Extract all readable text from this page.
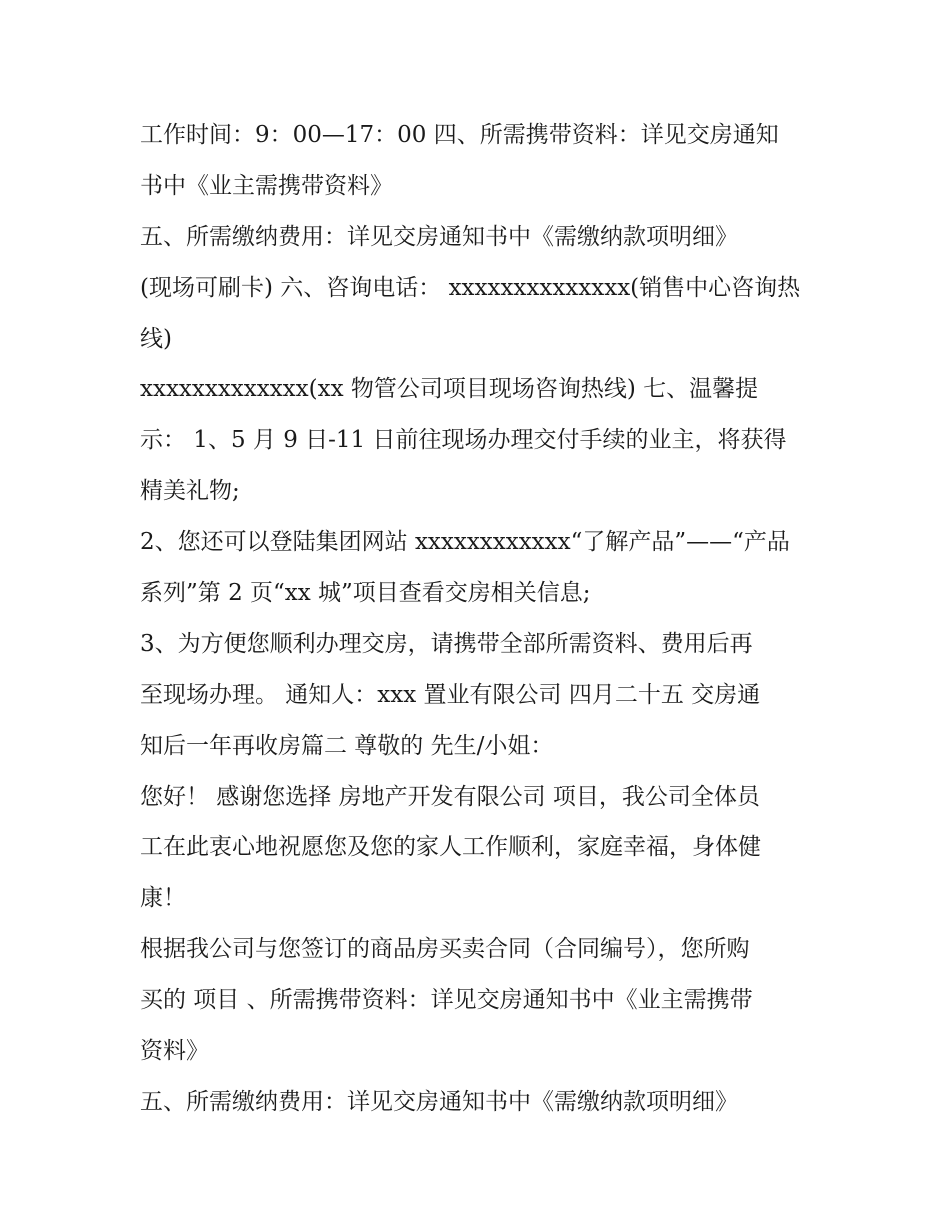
工作时间：9：00—17：00 四、所需携带资料：详见交房通知
书中《业主需携带资料》
五、所需缴纳费用：详见交房通知书中《需缴纳款项明细》
(现场可刷卡) 六、咨询电话： xxxxxxxxxxxxxx(销售中心咨询热
线)
xxxxxxxxxxxxx(xx 物管公司项目现场咨询热线) 七、温馨提
示： 1、5 月 9 日-11 日前往现场办理交付手续的业主，将获得
精美礼物;
2、您还可以登陆集团网站 xxxxxxxxxxxx“了解产品”——“产品
系列”第 2 页“xx 城”项目查看交房相关信息;
3、为方便您顺利办理交房，请携带全部所需资料、费用后再
至现场办理。 通知人：xxx 置业有限公司 四月二十五 交房通
知后一年再收房篇二 尊敬的 先生/小姐：
您好！ 感谢您选择 房地产开发有限公司 项目，我公司全体员
工在此衷心地祝愿您及您的家人工作顺利，家庭幸福，身体健
康！
根据我公司与您签订的商品房买卖合同（合同编号），您所购
买的 项目 、所需携带资料：详见交房通知书中《业主需携带
资料》
五、所需缴纳费用：详见交房通知书中《需缴纳款项明细》
